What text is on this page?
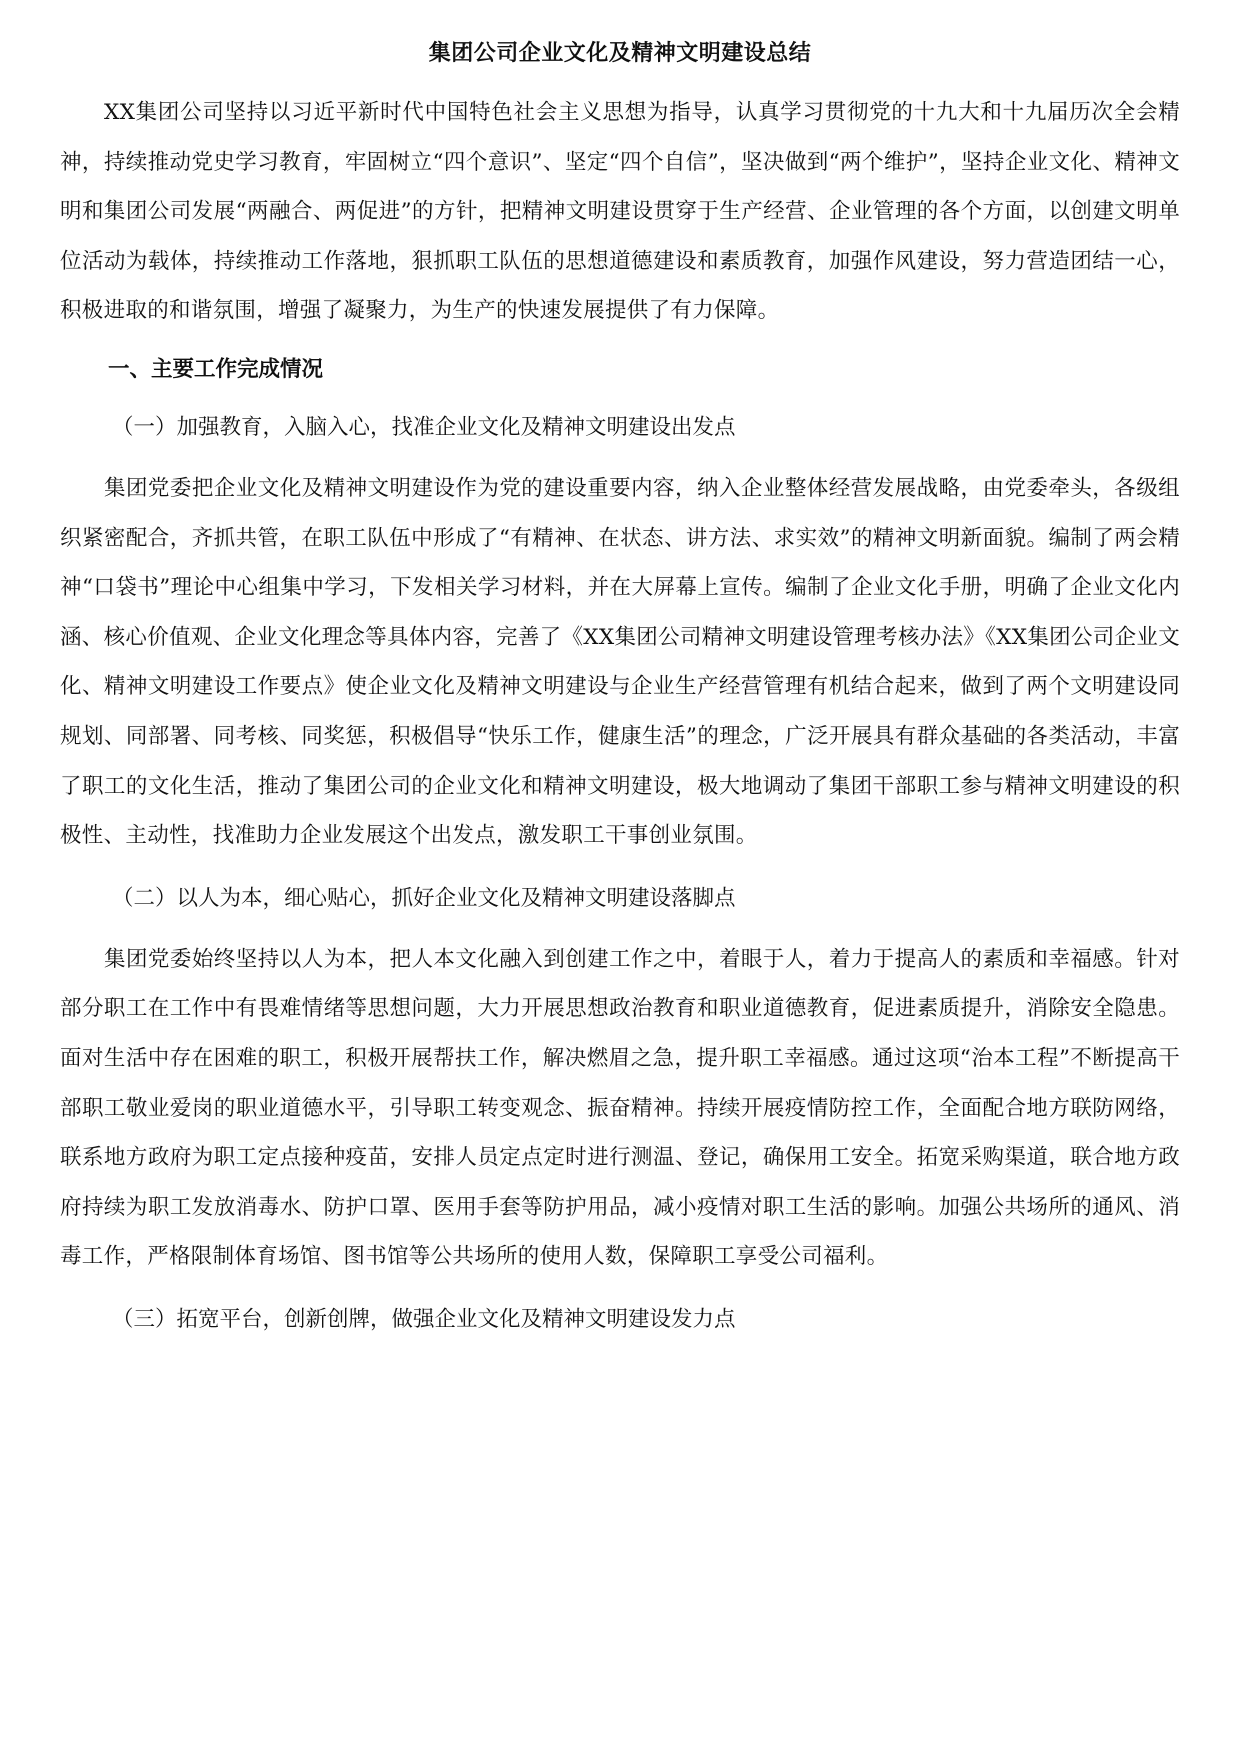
集团公司企业文化及精神文明建设总结

XX集团公司坚持以习近平新时代中国特色社会主义思想为指导，认真学习贯彻党的十九大和十九届历次全会精神，持续推动党史学习教育，牢固树立“四个意识”、坚定“四个自信”，坚决做到“两个维护”，坚持企业文化、精神文明和集团公司发展“两融合、两促进”的方针，把精神文明建设贯穿于生产经营、企业管理的各个方面，以创建文明单位活动为载体，持续推动工作落地，狠抓职工队伍的思想道德建设和素质教育，加强作风建设，努力营造团结一心，积极进取的和谐氛围，增强了凝聚力，为生产的快速发展提供了有力保障。

一、主要工作完成情况
（一）加强教育，入脑入心，找准企业文化及精神文明建设出发点

集团党委把企业文化及精神文明建设作为党的建设重要内容，纳入企业整体经营发展战略，由党委牵头，各级组织紧密配合，齐抓共管，在职工队伍中形成了“有精神、在状态、讲方法、求实效”的精神文明新面貌。编制了两会精神“口袋书”理论中心组集中学习，下发相关学习材料，并在大屏幕上宣传。编制了企业文化手册，明确了企业文化内涵、核心价值观、企业文化理念等具体内容，完善了《XX集团公司精神文明建设管理考核办法》《XX集团公司企业文化、精神文明建设工作要点》使企业文化及精神文明建设与企业生产经营管理有机结合起来，做到了两个文明建设同规划、同部署、同考核、同奖惩，积极倡导“快乐工作，健康生活”的理念，广泛开展具有群众基础的各类活动，丰富了职工的文化生活，推动了集团公司的企业文化和精神文明建设，极大地调动了集团干部职工参与精神文明建设的积极性、主动性，找准助力企业发展这个出发点，激发职工干事创业氛围。

（二）以人为本，细心贴心，抓好企业文化及精神文明建设落脚点

集团党委始终坚持以人为本，把人本文化融入到创建工作之中，着眼于人，着力于提高人的素质和幸福感。针对部分职工在工作中有畏难情绪等思想问题，大力开展思想政治教育和职业道德教育，促进素质提升，消除安全隐患。面对生活中存在困难的职工，积极开展帮扶工作，解决燃眉之急，提升职工幸福感。通过这项“治本工程”不断提高干部职工敬业爱岗的职业道德水平，引导职工转变观念、振奋精神。持续开展疫情防控工作，全面配合地方联防网络，联系地方政府为职工定点接种疫苗，安排人员定点定时进行测温、登记，确保用工安全。拓宽采购渠道，联合地方政府持续为职工发放消毒水、防护口罩、医用手套等防护用品，减小疫情对职工生活的影响。加强公共场所的通风、消毒工作，严格限制体育场馆、图书馆等公共场所的使用人数，保障职工享受公司福利。

（三）拓宽平台，创新创牌，做强企业文化及精神文明建设发力点
